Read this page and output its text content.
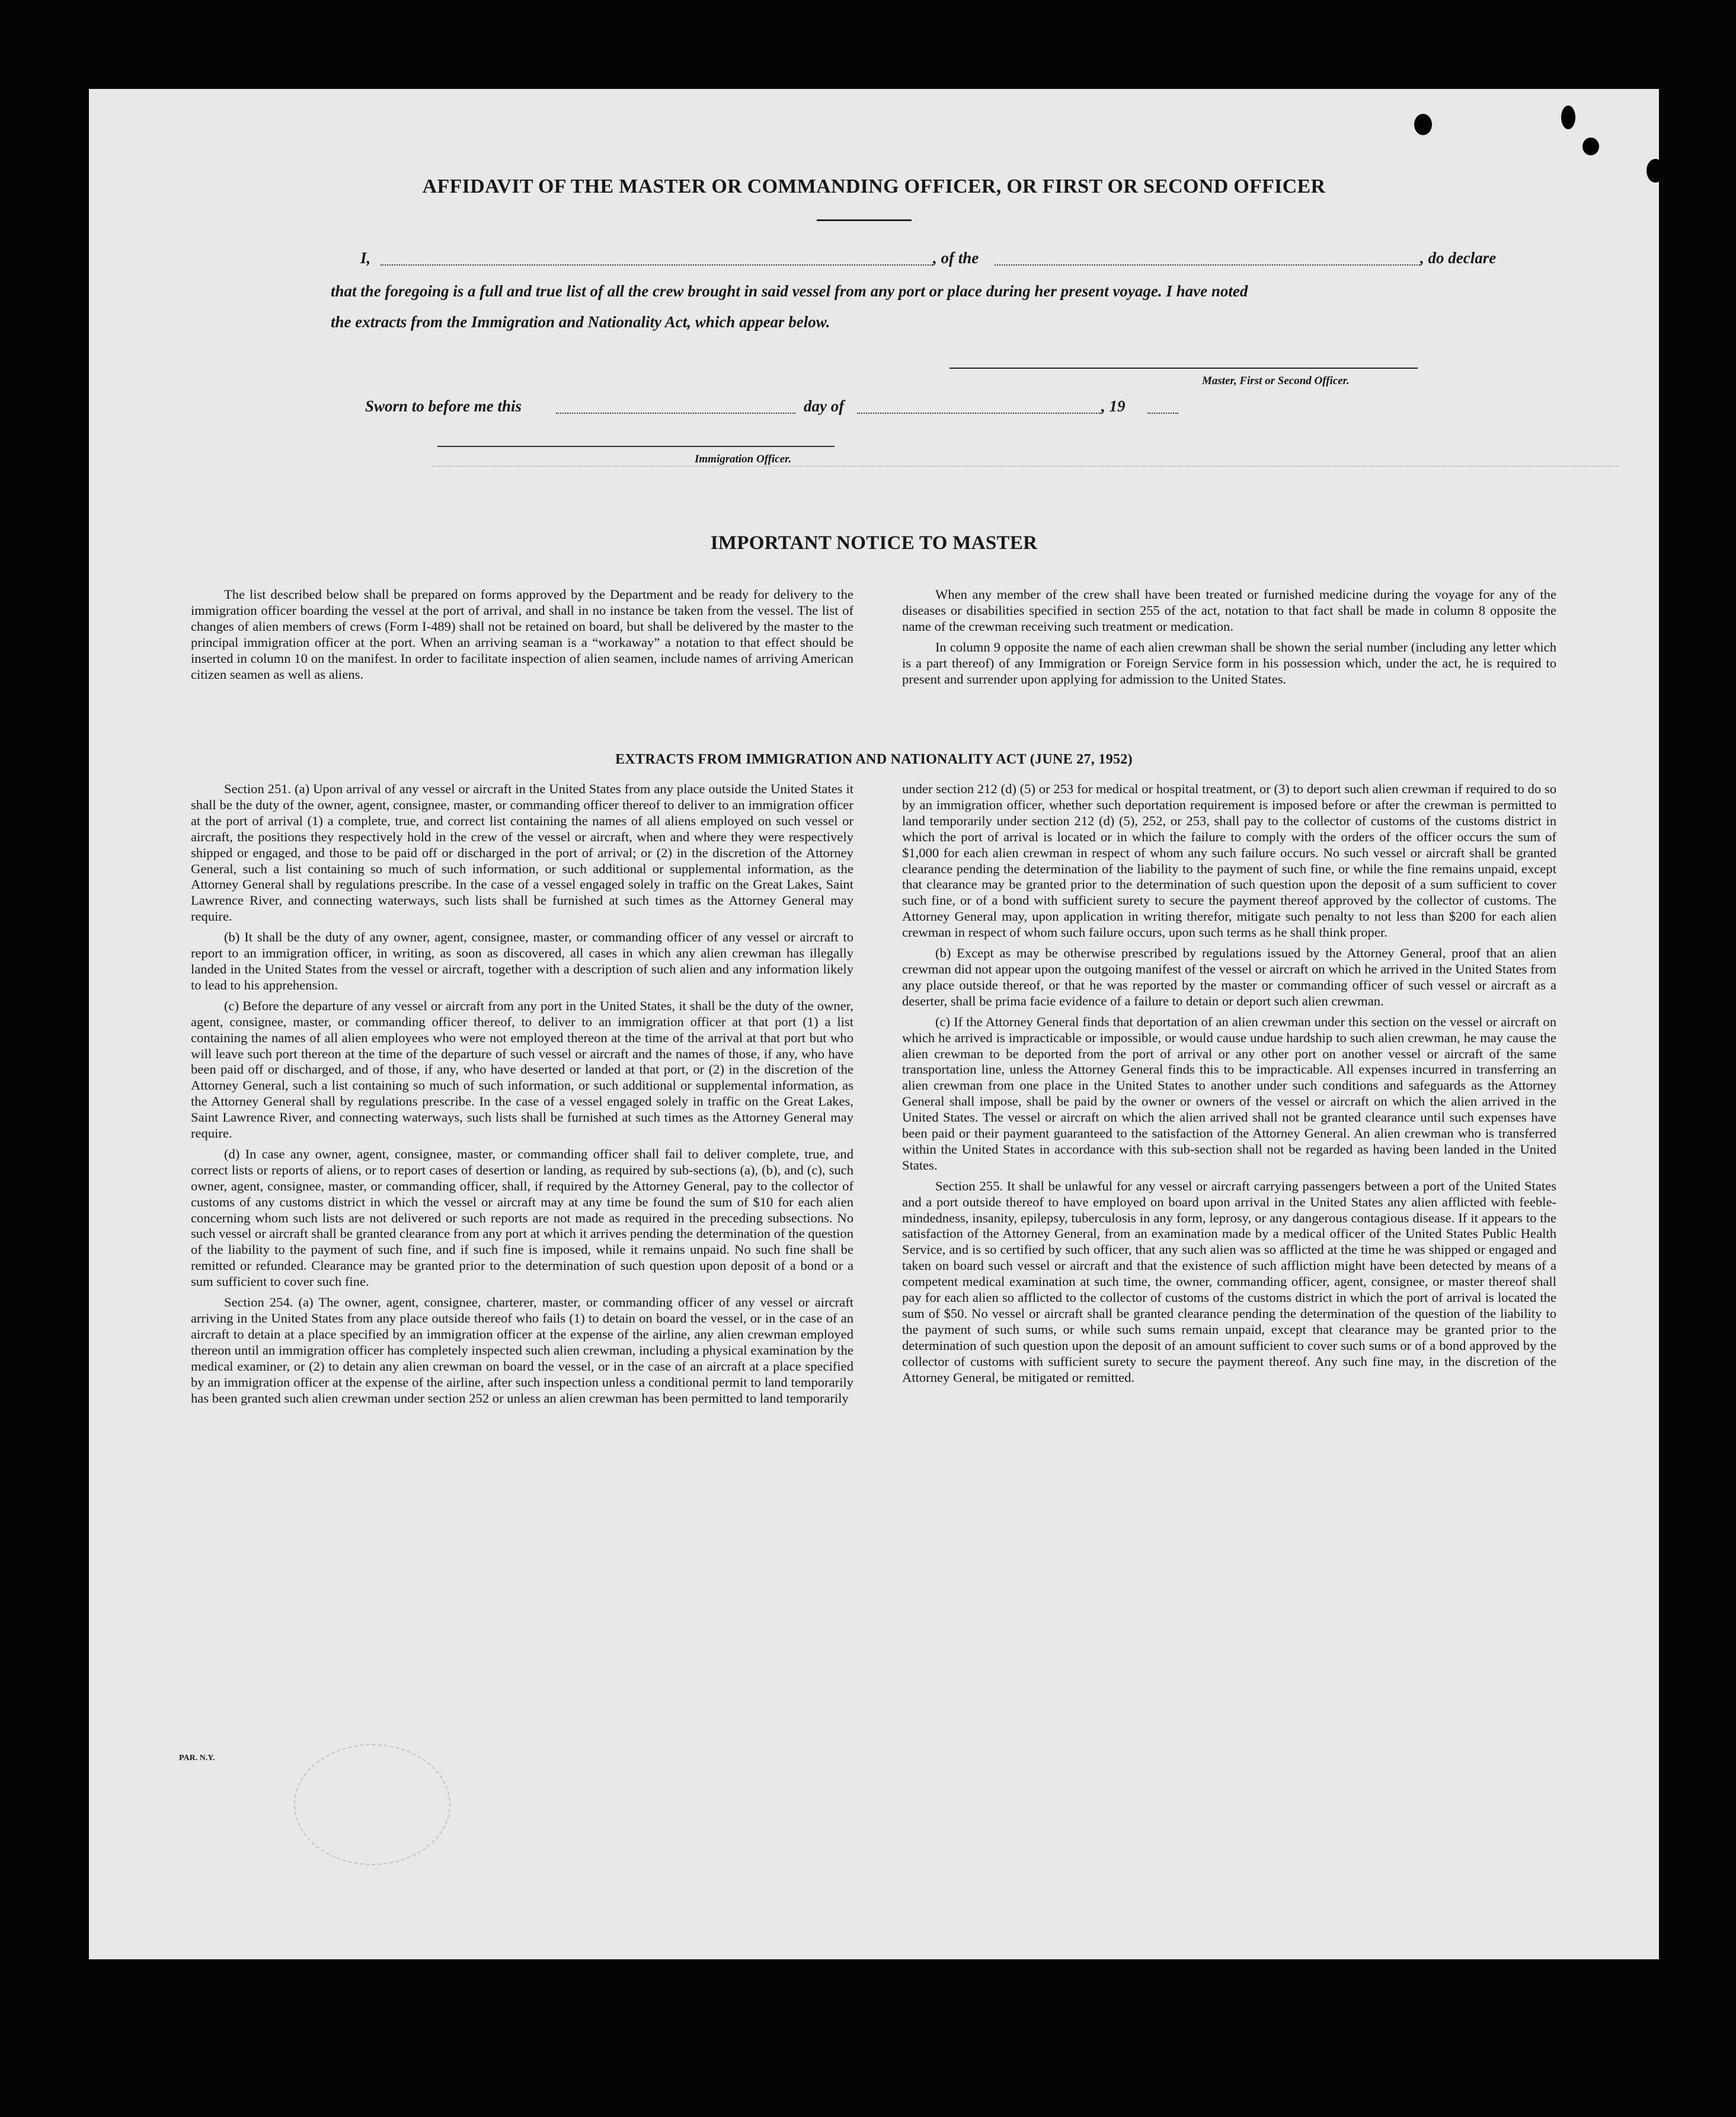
AFFIDAVIT OF THE MASTER OR COMMANDING OFFICER, OR FIRST OR SECOND OFFICER
I,	, of the	, do declare
that the foregoing is a full and true list of all the crew brought in said vessel from any port or place during her present voyage. I have noted
the extracts from the Immigration and Nationality Act, which appear below.
Master, First or Second Officer.
Sworn to before me this	day of	, 19
Immigration Officer.
IMPORTANT NOTICE TO MASTER

The list described below shall be prepared on forms approved by the Department and be ready for delivery to the immigration officer boarding the vessel at the port of arrival, and shall in no instance be taken from the vessel. The list of changes of alien members of crews (Form I-489) shall not be retained on board, but shall be delivered by the master to the principal immigration officer at the port. When an arriving seaman is a “workaway” a notation to that effect should be inserted in column 10 on the manifest. In order to facilitate inspection of alien seamen, include names of arriving American citizen seamen as well as aliens.

When any member of the crew shall have been treated or furnished medicine during the voyage for any of the diseases or disabilities specified in section 255 of the act, notation to that fact shall be made in column 8 opposite the name of the crewman receiving such treatment or medication.

In column 9 opposite the name of each alien crewman shall be shown the serial number (including any letter which is a part thereof) of any Immigration or Foreign Service form in his possession which, under the act, he is required to present and surrender upon applying for admission to the United States.

EXTRACTS FROM IMMIGRATION AND NATIONALITY ACT (JUNE 27, 1952)

Section 251. (a) Upon arrival of any vessel or aircraft in the United States from any place outside the United States it shall be the duty of the owner, agent, consignee, master, or commanding officer thereof to deliver to an immigration officer at the port of arrival (1) a complete, true, and correct list containing the names of all aliens employed on such vessel or aircraft, the positions they respectively hold in the crew of the vessel or aircraft, when and where they were respectively shipped or engaged, and those to be paid off or discharged in the port of arrival; or (2) in the discretion of the Attorney General, such a list containing so much of such information, or such additional or supplemental information, as the Attorney General shall by regulations prescribe. In the case of a vessel engaged solely in traffic on the Great Lakes, Saint Lawrence River, and connecting waterways, such lists shall be furnished at such times as the Attorney General may require.

(b) It shall be the duty of any owner, agent, consignee, master, or commanding officer of any vessel or aircraft to report to an immigration officer, in writing, as soon as discovered, all cases in which any alien crewman has illegally landed in the United States from the vessel or aircraft, together with a description of such alien and any information likely to lead to his apprehension.

(c) Before the departure of any vessel or aircraft from any port in the United States, it shall be the duty of the owner, agent, consignee, master, or commanding officer thereof, to deliver to an immigration officer at that port (1) a list containing the names of all alien employees who were not employed thereon at the time of the arrival at that port but who will leave such port thereon at the time of the departure of such vessel or aircraft and the names of those, if any, who have been paid off or discharged, and of those, if any, who have deserted or landed at that port, or (2) in the discretion of the Attorney General, such a list containing so much of such information, or such additional or supplemental information, as the Attorney General shall by regulations prescribe. In the case of a vessel engaged solely in traffic on the Great Lakes, Saint Lawrence River, and connecting waterways, such lists shall be furnished at such times as the Attorney General may require.

(d) In case any owner, agent, consignee, master, or commanding officer shall fail to deliver complete, true, and correct lists or reports of aliens, or to report cases of desertion or landing, as required by sub-sections (a), (b), and (c), such owner, agent, consignee, master, or commanding officer, shall, if required by the Attorney General, pay to the collector of customs of any customs district in which the vessel or aircraft may at any time be found the sum of $10 for each alien concerning whom such lists are not delivered or such reports are not made as required in the preceding subsections. No such vessel or aircraft shall be granted clearance from any port at which it arrives pending the determination of the question of the liability to the payment of such fine, and if such fine is imposed, while it remains unpaid. No such fine shall be remitted or refunded. Clearance may be granted prior to the determination of such question upon deposit of a bond or a sum sufficient to cover such fine.

Section 254. (a) The owner, agent, consignee, charterer, master, or commanding officer of any vessel or aircraft arriving in the United States from any place outside thereof who fails (1) to detain on board the vessel, or in the case of an aircraft to detain at a place specified by an immigration officer at the expense of the airline, any alien crewman employed thereon until an immigration officer has completely inspected such alien crewman, including a physical examination by the medical examiner, or (2) to detain any alien crewman on board the vessel, or in the case of an aircraft at a place specified by an immigration officer at the expense of the airline, after such inspection unless a conditional permit to land temporarily has been granted such alien crewman under section 252 or unless an alien crewman has been permitted to land temporarily

under section 212 (d) (5) or 253 for medical or hospital treatment, or (3) to deport such alien crewman if required to do so by an immigration officer, whether such deportation requirement is imposed before or after the crewman is permitted to land temporarily under section 212 (d) (5), 252, or 253, shall pay to the collector of customs of the customs district in which the port of arrival is located or in which the failure to comply with the orders of the officer occurs the sum of $1,000 for each alien crewman in respect of whom any such failure occurs. No such vessel or aircraft shall be granted clearance pending the determination of the liability to the payment of such fine, or while the fine remains unpaid, except that clearance may be granted prior to the determination of such question upon the deposit of a sum sufficient to cover such fine, or of a bond with sufficient surety to secure the payment thereof approved by the collector of customs. The Attorney General may, upon application in writing therefor, mitigate such penalty to not less than $200 for each alien crewman in respect of whom such failure occurs, upon such terms as he shall think proper.

(b) Except as may be otherwise prescribed by regulations issued by the Attorney General, proof that an alien crewman did not appear upon the outgoing manifest of the vessel or aircraft on which he arrived in the United States from any place outside thereof, or that he was reported by the master or commanding officer of such vessel or aircraft as a deserter, shall be prima facie evidence of a failure to detain or deport such alien crewman.

(c) If the Attorney General finds that deportation of an alien crewman under this section on the vessel or aircraft on which he arrived is impracticable or impossible, or would cause undue hardship to such alien crewman, he may cause the alien crewman to be deported from the port of arrival or any other port on another vessel or aircraft of the same transportation line, unless the Attorney General finds this to be impracticable. All expenses incurred in transferring an alien crewman from one place in the United States to another under such conditions and safeguards as the Attorney General shall impose, shall be paid by the owner or owners of the vessel or aircraft on which the alien arrived in the United States. The vessel or aircraft on which the alien arrived shall not be granted clearance until such expenses have been paid or their payment guaranteed to the satisfaction of the Attorney General. An alien crewman who is transferred within the United States in accordance with this sub-section shall not be regarded as having been landed in the United States.

Section 255. It shall be unlawful for any vessel or aircraft carrying passengers between a port of the United States and a port outside thereof to have employed on board upon arrival in the United States any alien afflicted with feeble-mindedness, insanity, epilepsy, tuberculosis in any form, leprosy, or any dangerous contagious disease. If it appears to the satisfaction of the Attorney General, from an examination made by a medical officer of the United States Public Health Service, and is so certified by such officer, that any such alien was so afflicted at the time he was shipped or engaged and taken on board such vessel or aircraft and that the existence of such affliction might have been detected by means of a competent medical examination at such time, the owner, commanding officer, agent, consignee, or master thereof shall pay for each alien so afflicted to the collector of customs of the customs district in which the port of arrival is located the sum of $50. No vessel or aircraft shall be granted clearance pending the determination of the question of the liability to the payment of such sums, or while such sums remain unpaid, except that clearance may be granted prior to the determination of such question upon the deposit of an amount sufficient to cover such sums or of a bond approved by the collector of customs with sufficient surety to secure the payment thereof. Any such fine may, in the discretion of the Attorney General, be mitigated or remitted.

PAR. N.Y.
